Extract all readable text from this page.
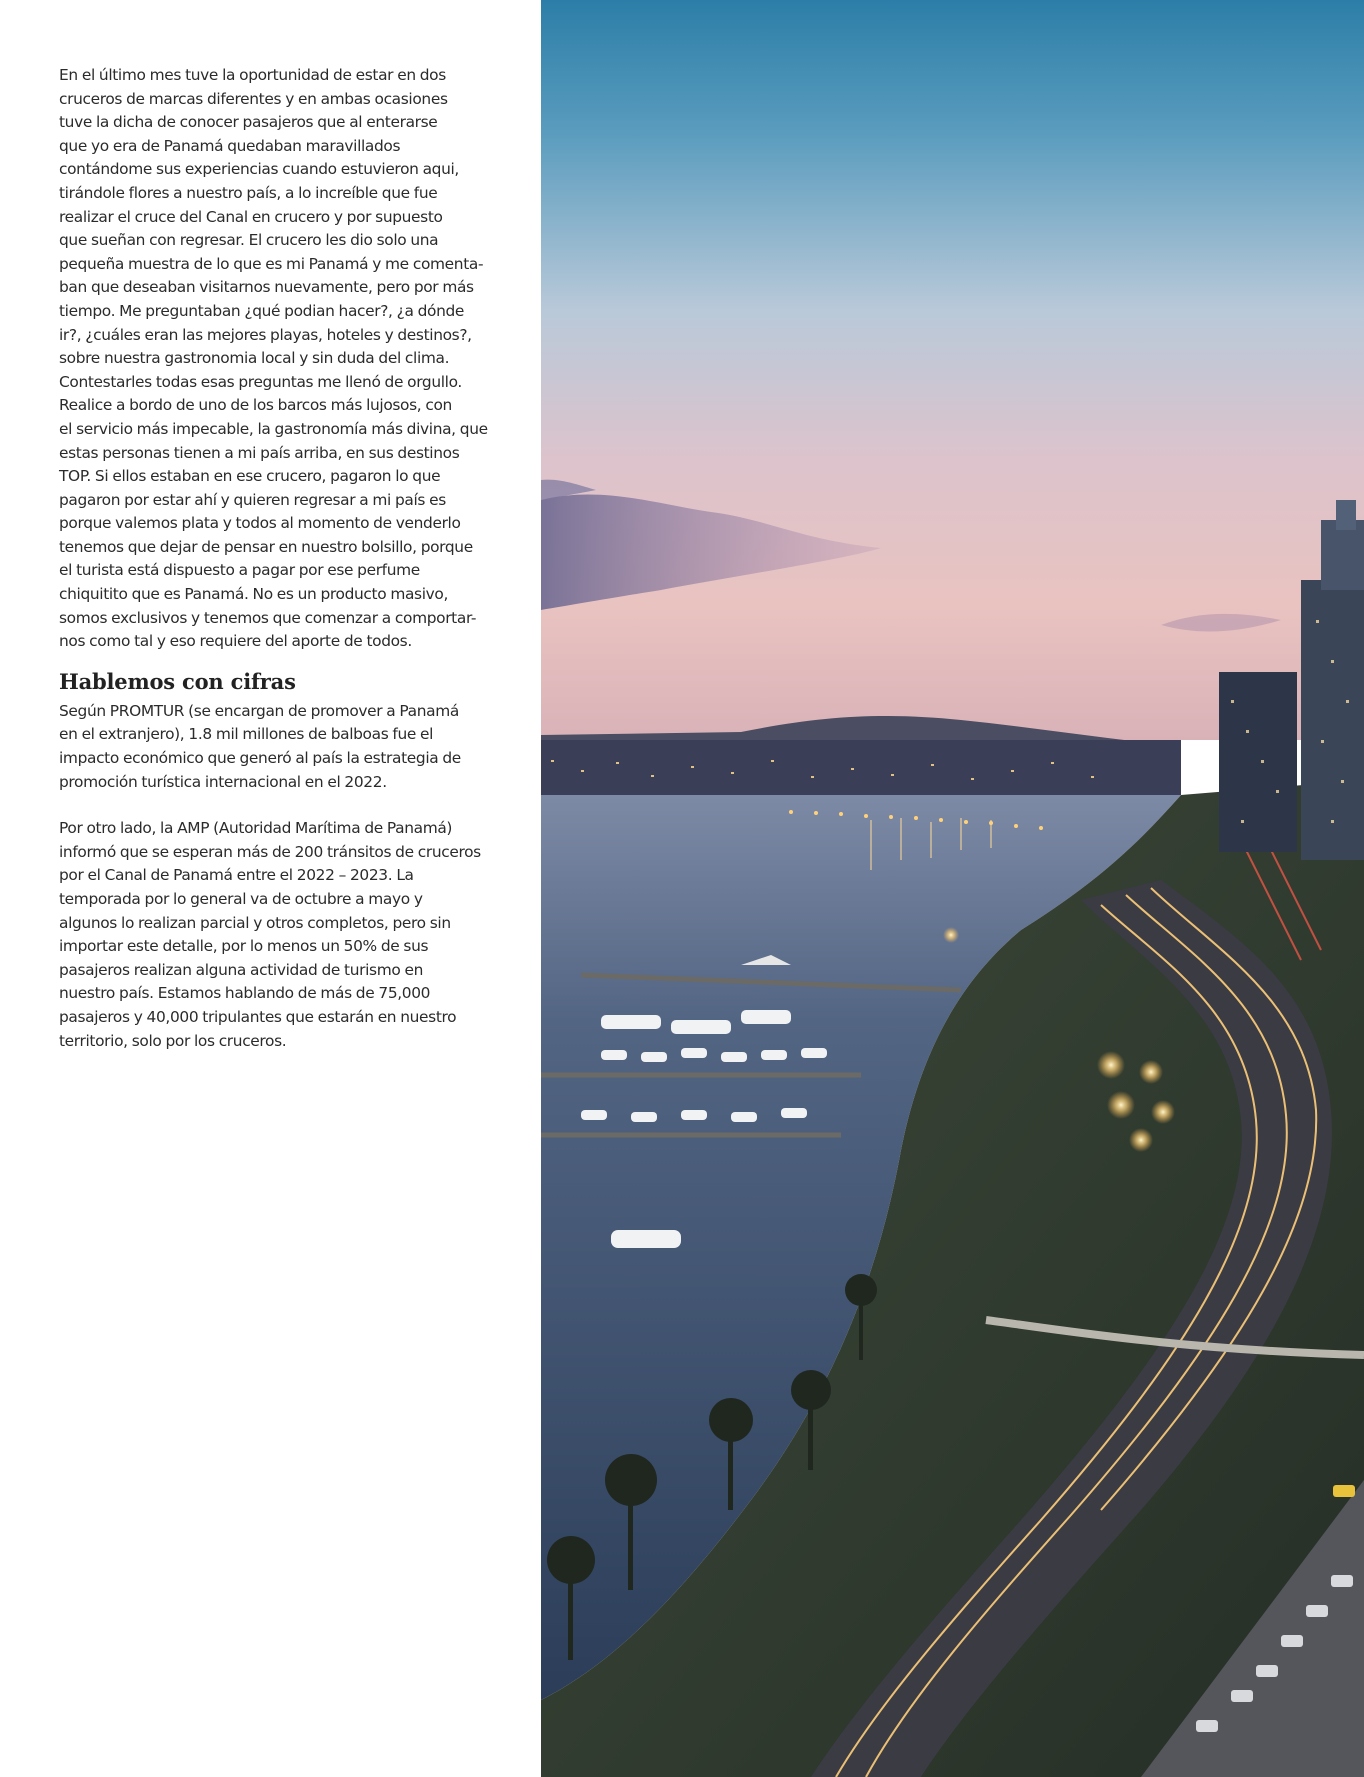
En el último mes tuve la oportunidad de estar en dos
cruceros de marcas diferentes y en ambas ocasiones
tuve la dicha de conocer pasajeros que al enterarse
que yo era de Panamá quedaban maravillados
contándome sus experiencias cuando estuvieron aqui,
tirándole flores a nuestro país, a lo increíble que fue
realizar el cruce del Canal en crucero y por supuesto
que sueñan con regresar. El crucero les dio solo una
pequeña muestra de lo que es mi Panamá y me comenta-
ban que deseaban visitarnos nuevamente, pero por más
tiempo. Me preguntaban ¿qué podian hacer?, ¿a dónde
ir?, ¿cuáles eran las mejores playas, hoteles y destinos?,
sobre nuestra gastronomia local y sin duda del clima.
Contestarles todas esas preguntas me llenó de orgullo.
Realice a bordo de uno de los barcos más lujosos, con
el servicio más impecable, la gastronomía más divina, que
estas personas tienen a mi país arriba, en sus destinos
TOP. Si ellos estaban en ese crucero, pagaron lo que
pagaron por estar ahí y quieren regresar a mi país es
porque valemos plata y todos al momento de venderlo
tenemos que dejar de pensar en nuestro bolsillo, porque
el turista está dispuesto a pagar por ese perfume
chiquitito que es Panamá. No es un producto masivo,
somos exclusivos y tenemos que comenzar a comportar-
nos como tal y eso requiere del aporte de todos.

Hablemos con cifras

Según PROMTUR (se encargan de promover a Panamá
en el extranjero), 1.8 mil millones de balboas fue el
impacto económico que generó al país la estrategia de
promoción turística internacional en el 2022.

Por otro lado, la AMP (Autoridad Marítima de Panamá)
informó que se esperan más de 200 tránsitos de cruceros
por el Canal de Panamá entre el 2022 – 2023. La
temporada por lo general va de octubre a mayo y
algunos lo realizan parcial y otros completos, pero sin
importar este detalle, por lo menos un 50% de sus
pasajeros realizan alguna actividad de turismo en
nuestro país. Estamos hablando de más de 75,000
pasajeros y 40,000 tripulantes que estarán en nuestro
territorio, solo por los cruceros.
